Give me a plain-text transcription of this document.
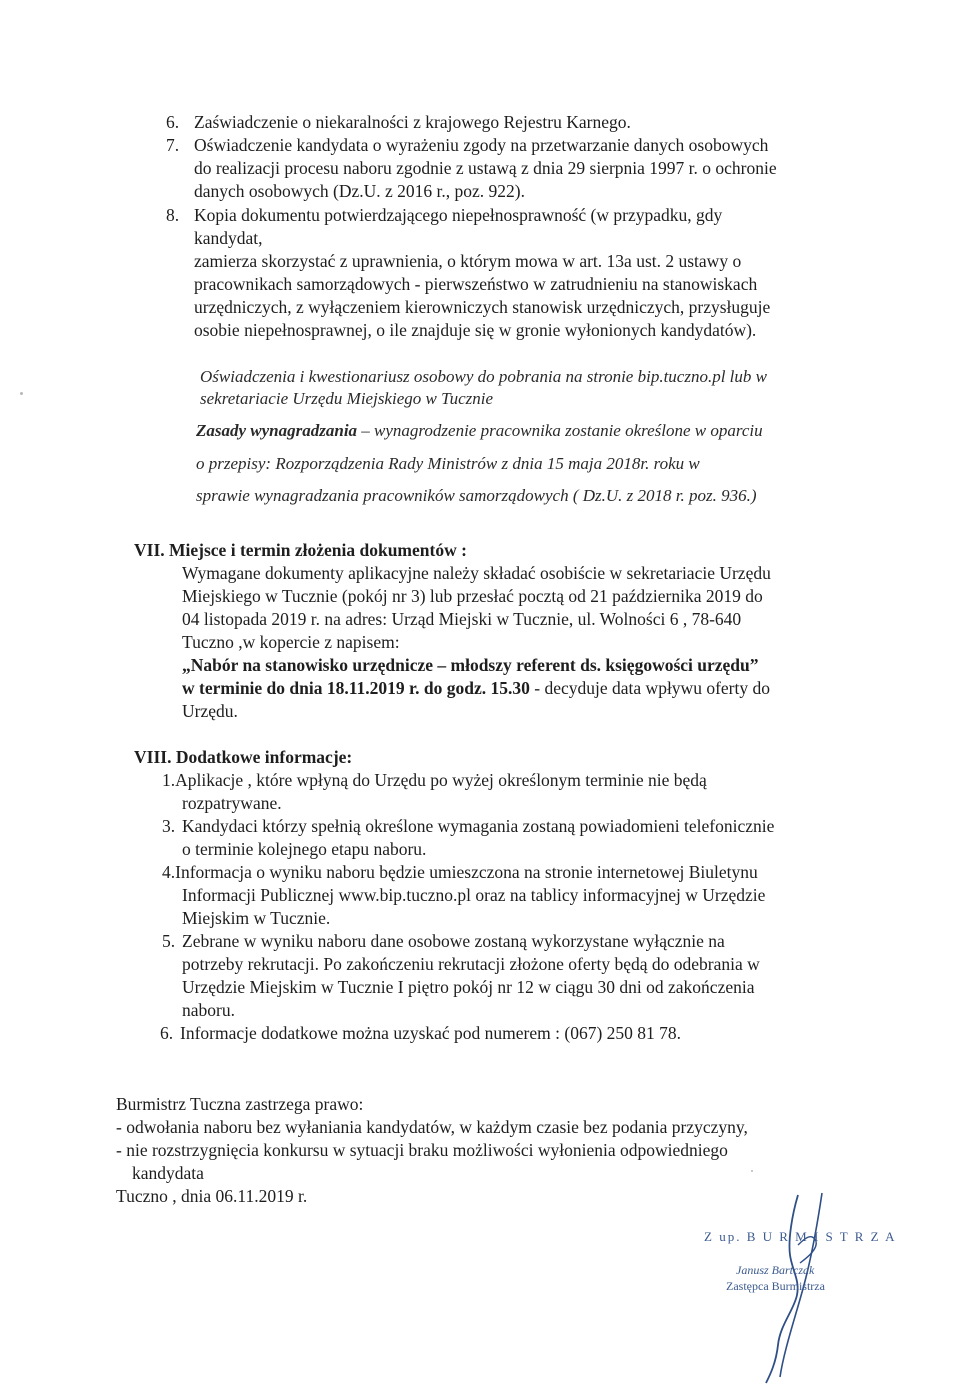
6. Zaświadczenie o niekaralności z krajowego Rejestru Karnego.
7. Oświadczenie kandydata o wyrażeniu zgody na przetwarzanie danych osobowych
do realizacji procesu naboru zgodnie z ustawą z dnia 29 sierpnia 1997 r. o ochronie
danych osobowych (Dz.U. z 2016 r., poz. 922).
8. Kopia dokumentu potwierdzającego niepełnosprawność (w przypadku, gdy
kandydat,
zamierza skorzystać z uprawnienia, o którym mowa w art. 13a ust. 2 ustawy o
pracownikach samorządowych - pierwszeństwo w zatrudnieniu na stanowiskach
urzędniczych, z wyłączeniem kierowniczych stanowisk urzędniczych, przysługuje
osobie niepełnosprawnej, o ile znajduje się w gronie wyłonionych kandydatów).
Oświadczenia i kwestionariusz osobowy do pobrania na stronie bip.tuczno.pl lub w
sekretariacie Urzędu Miejskiego w Tucznie
Zasady wynagradzania – wynagrodzenie pracownika zostanie określone w oparciu
o przepisy: Rozporządzenia Rady Ministrów z dnia 15 maja 2018r. roku w
sprawie wynagradzania pracowników samorządowych ( Dz.U. z 2018 r. poz. 936.)
VII. Miejsce i termin złożenia dokumentów :
Wymagane dokumenty aplikacyjne należy składać osobiście w sekretariacie Urzędu
Miejskiego w Tucznie (pokój nr 3) lub przesłać pocztą od 21 października 2019 do
04 listopada 2019 r. na adres: Urząd Miejski w Tucznie, ul. Wolności 6 , 78-640
Tuczno ,w kopercie z napisem:
„Nabór na stanowisko urzędnicze – młodszy referent ds. księgowości urzędu”
w terminie do dnia 18.11.2019 r. do godz. 15.30 - decyduje data wpływu oferty do
Urzędu.
VIII. Dodatkowe informacje:
1.Aplikacje , które wpłyną do Urzędu po wyżej określonym terminie nie będą
rozpatrywane.
3. Kandydaci którzy spełnią określone wymagania zostaną powiadomieni telefonicznie
o terminie kolejnego etapu naboru.
4.Informacja o wyniku naboru będzie umieszczona na stronie internetowej Biuletynu
Informacji Publicznej www.bip.tuczno.pl oraz na tablicy informacyjnej w Urzędzie
Miejskim w Tucznie.
5. Zebrane w wyniku naboru dane osobowe zostaną wykorzystane wyłącznie na
potrzeby rekrutacji. Po zakończeniu rekrutacji złożone oferty będą do odebrania w
Urzędzie Miejskim w Tucznie I piętro pokój nr 12 w ciągu 30 dni od zakończenia
naboru.
6. Informacje dodatkowe można uzyskać pod numerem : (067) 250 81 78.
Burmistrz Tuczna zastrzega prawo:
- odwołania naboru bez wyłaniania kandydatów, w każdym czasie bez podania przyczyny,
- nie rozstrzygnięcia konkursu w sytuacji braku możliwości wyłonienia odpowiedniego
kandydata
Tuczno , dnia 06.11.2019 r.
Z up. B U R M I S T R Z A
Janusz Bartczak
Zastępca Burmistrza
